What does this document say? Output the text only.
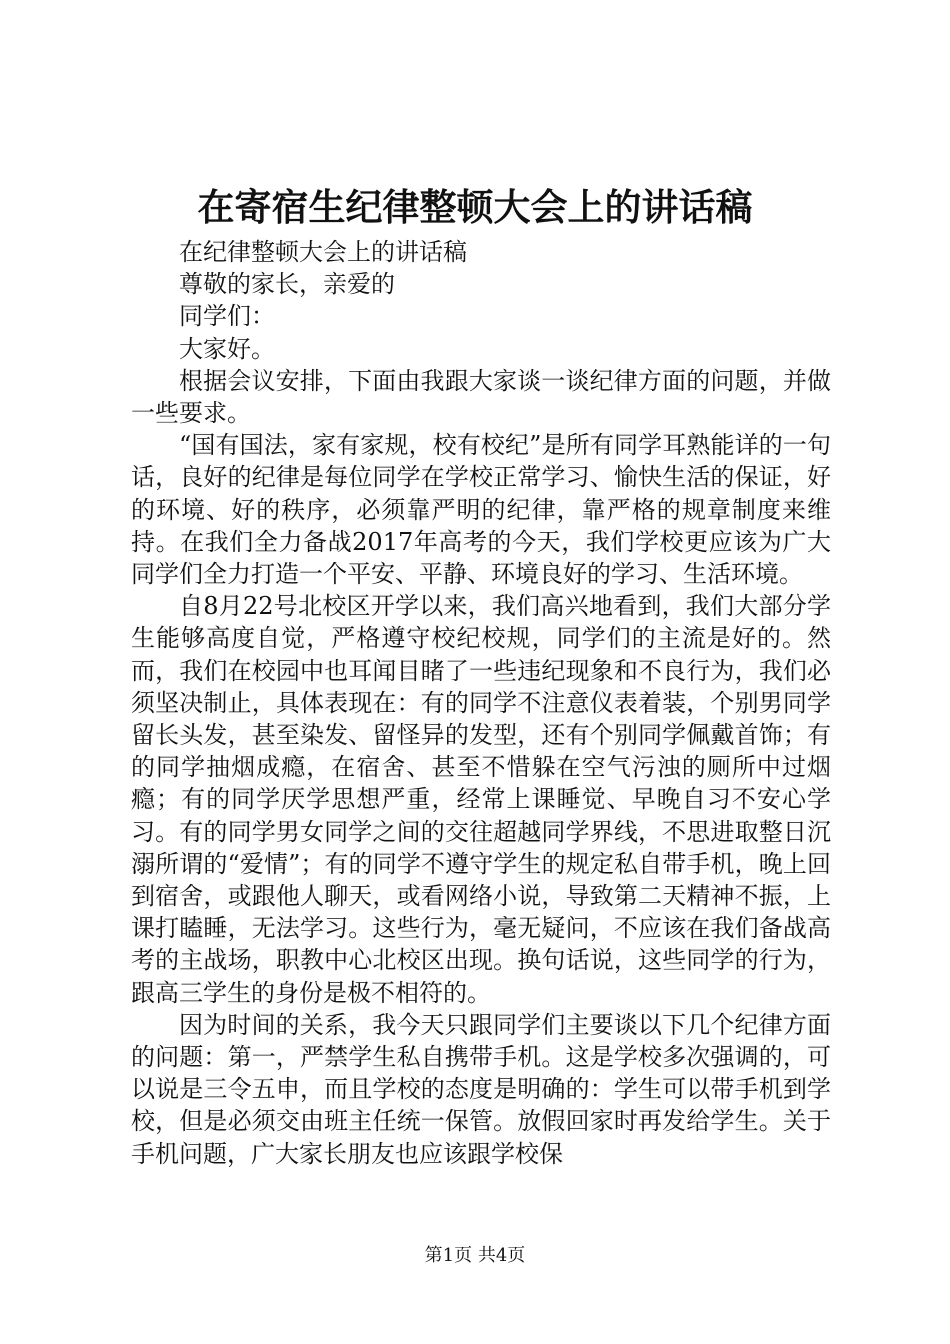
在寄宿生纪律整顿大会上的讲话稿

在纪律整顿大会上的讲话稿

尊敬的家长，亲爱的

同学们：

大家好。

根据会议安排，下面由我跟大家谈一谈纪律方面的问题，并做一些要求。

“国有国法，家有家规，校有校纪”是所有同学耳熟能详的一句话，良好的纪律是每位同学在学校正常学习、愉快生活的保证，好的环境、好的秩序，必须靠严明的纪律，靠严格的规章制度来维持。在我们全力备战2017年高考的今天，我们学校更应该为广大同学们全力打造一个平安、平静、环境良好的学习、生活环境。

自8月22号北校区开学以来，我们高兴地看到，我们大部分学生能够高度自觉，严格遵守校纪校规，同学们的主流是好的。然而，我们在校园中也耳闻目睹了一些违纪现象和不良行为，我们必须坚决制止，具体表现在：有的同学不注意仪表着装，个别男同学留长头发，甚至染发、留怪异的发型，还有个别同学佩戴首饰；有的同学抽烟成瘾，在宿舍、甚至不惜躲在空气污浊的厕所中过烟瘾；有的同学厌学思想严重，经常上课睡觉、早晚自习不安心学习。有的同学男女同学之间的交往超越同学界线，不思进取整日沉溺所谓的“爱情”；有的同学不遵守学生的规定私自带手机，晚上回到宿舍，或跟他人聊天，或看网络小说，导致第二天精神不振，上课打瞌睡，无法学习。这些行为，毫无疑问，不应该在我们备战高考的主战场，职教中心北校区出现。换句话说，这些同学的行为，跟高三学生的身份是极不相符的。

因为时间的关系，我今天只跟同学们主要谈以下几个纪律方面的问题：第一，严禁学生私自携带手机。这是学校多次强调的，可以说是三令五申，而且学校的态度是明确的：学生可以带手机到学校，但是必须交由班主任统一保管。放假回家时再发给学生。关于手机问题，广大家长朋友也应该跟学校保

第1页 共4页
